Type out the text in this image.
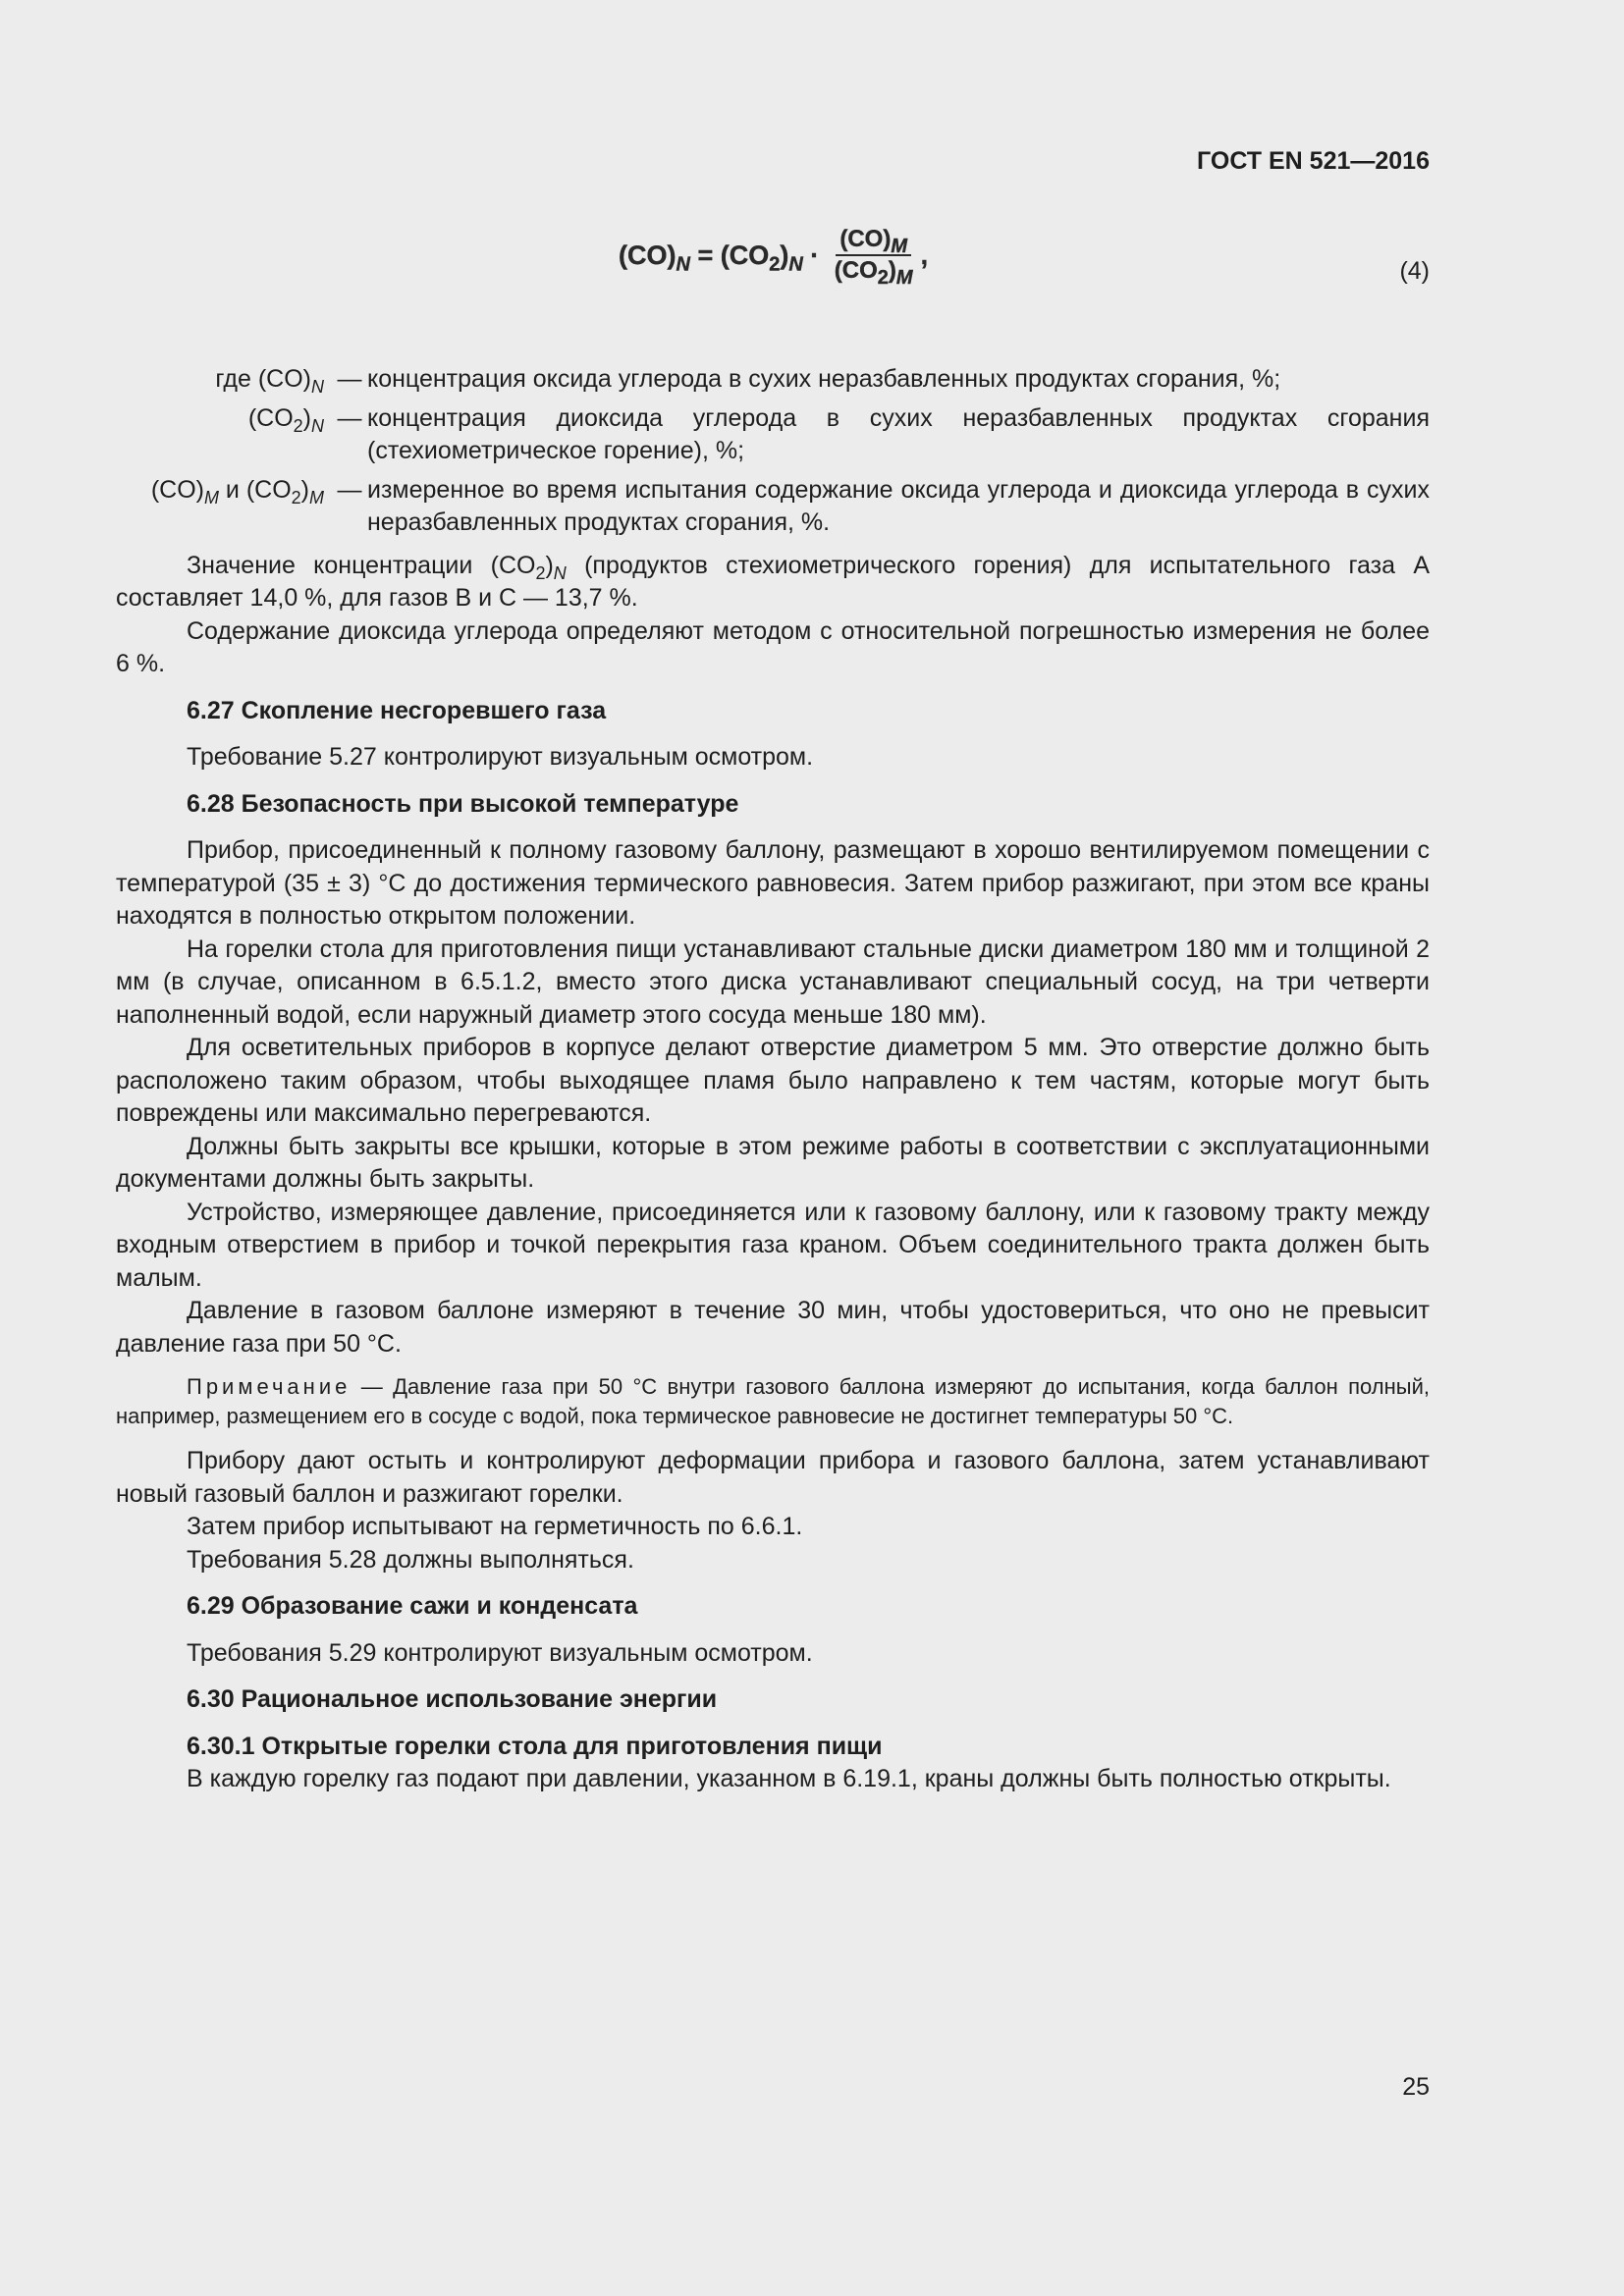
ГОСТ EN 521—2016
$(CO)_N = (CO_2)_N \cdot \frac{(CO)_M}{(CO_2)_M}$ ,
(4)
где $(CO)_N$ — концентрация оксида углерода в сухих неразбавленных продуктах сгорания, %;
$(CO_2)_N$ — концентрация диоксида углерода в сухих неразбавленных продуктах сгорания (стехиометрическое горение), %;
$(CO)_M$ и $(CO_2)_M$ — измеренное во время испытания содержание оксида углерода и диоксида углерода в сухих неразбавленных продуктах сгорания, %.

Значение концентрации $(CO_2)_N$ (продуктов стехиометрического горения) для испытательного газа А составляет 14,0 %, для газов В и С — 13,7 %.

Содержание диоксида углерода определяют методом с относительной погрешностью измерения не более 6 %.

6.27 Скопление несгоревшего газа

Требование 5.27 контролируют визуальным осмотром.

6.28 Безопасность при высокой температуре

Прибор, присоединенный к полному газовому баллону, размещают в хорошо вентилируемом помещении с температурой (35 ± 3) °С до достижения термического равновесия. Затем прибор разжигают, при этом все краны находятся в полностью открытом положении.

На горелки стола для приготовления пищи устанавливают стальные диски диаметром 180 мм и толщиной 2 мм (в случае, описанном в 6.5.1.2, вместо этого диска устанавливают специальный сосуд, на три четверти наполненный водой, если наружный диаметр этого сосуда меньше 180 мм).

Для осветительных приборов в корпусе делают отверстие диаметром 5 мм. Это отверстие должно быть расположено таким образом, чтобы выходящее пламя было направлено к тем частям, которые могут быть повреждены или максимально перегреваются.

Должны быть закрыты все крышки, которые в этом режиме работы в соответствии с эксплуатационными документами должны быть закрыты.

Устройство, измеряющее давление, присоединяется или к газовому баллону, или к газовому тракту между входным отверстием в прибор и точкой перекрытия газа краном. Объем соединительного тракта должен быть малым.

Давление в газовом баллоне измеряют в течение 30 мин, чтобы удостовериться, что оно не превысит давление газа при 50 °С.

Примечание — Давление газа при 50 °С внутри газового баллона измеряют до испытания, когда баллон полный, например, размещением его в сосуде с водой, пока термическое равновесие не достигнет температуры 50 °С.

Прибору дают остыть и контролируют деформации прибора и газового баллона, затем устанавливают новый газовый баллон и разжигают горелки.

Затем прибор испытывают на герметичность по 6.6.1.

Требования 5.28 должны выполняться.

6.29 Образование сажи и конденсата

Требования 5.29 контролируют визуальным осмотром.

6.30 Рациональное использование энергии
6.30.1 Открытые горелки стола для приготовления пищи

В каждую горелку газ подают при давлении, указанном в 6.19.1, краны должны быть полностью открыты.

25
